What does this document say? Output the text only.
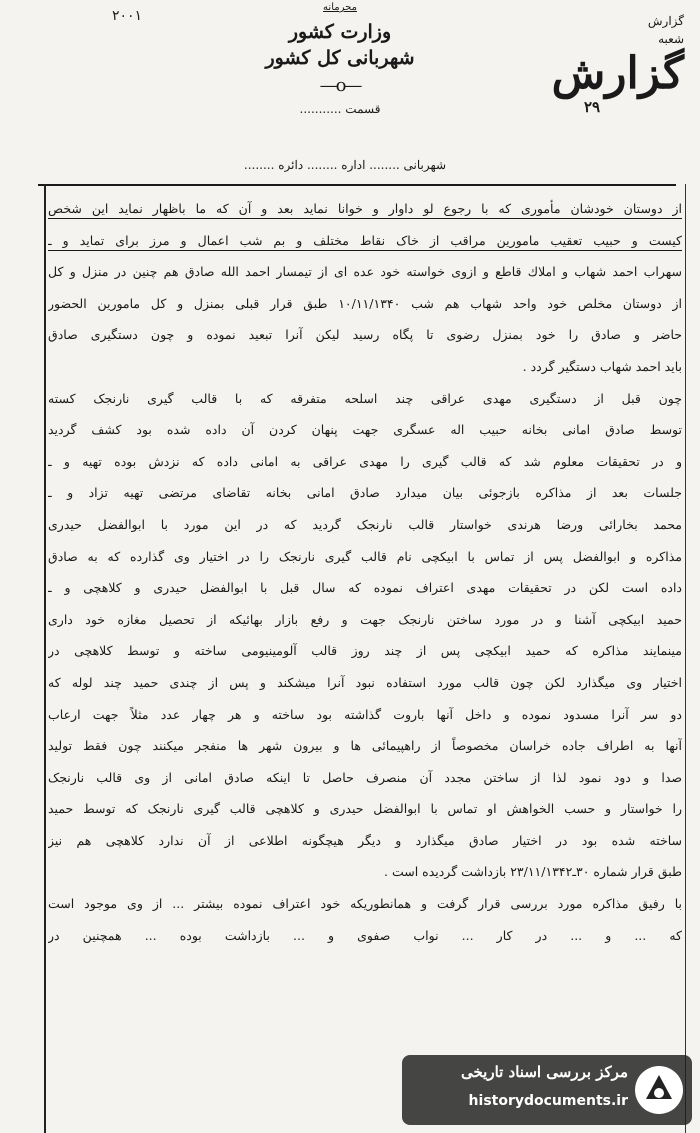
۲۰۰۱
محرمانه
وزارت کشور
شهربانی کل کشور
—o—
قسمت ...........
گزارش
شعبه
گزارش
۲۹
شهربانی ........ اداره ........ دائره ........
از دوستان خودشان مأموری که با رجوع لو داوار و خوانا نماید بعد و آن که ما باظهار نماید این شخص
کیست و حبیب تعقیب مامورین مراقب از خاک نقاط مختلف و بم شب اعمال و مرز برای تماید و ـ
سهراب احمد شهاب و املاك قاطع و ازوی خواسته خود عده ای از تیمسار احمد الله صادق هم چنین در منزل و کل
از دوستان مخلص خود واحد شهاب هم شب ۱۰/۱۱/۱۳۴۰ طبق قرار قبلی بمنزل و کل مامورین الحضور
حاضر و صادق را خود بمنزل رضوی تا پگاه رسید لیکن آنرا تبعید نموده و چون دستگیری صادق
باید احمد شهاب دستگیر گردد .
چون قبل از دستگیری مهدی عراقی چند اسلحه متفرقه که با قالب گیری نارنجک کسته
توسط صادق امانی بخانه حبیب اله عسگری جهت پنهان کردن آن داده شده بود کشف گردید
و در تحقیقات معلوم شد که قالب گیری را مهدی عراقی به امانی داده که نزدش بوده تهیه و ـ
جلسات بعد از مذاکره بازجوئی بیان میدارد صادق امانی بخانه تقاضای مرتضی تهیه تزاد و ـ
محمد بخارائی ورضا هرندی خواستار قالب نارنجک گردید که در این مورد با ابوالفضل حیدری
مذاکره و ابوالفضل پس از تماس با ابیکچی نام قالب گیری نارنجک را در اختیار وی گذارده که به صادق
داده است لکن در تحقیقات مهدی اعتراف نموده که سال قبل با ابوالفضل حیدری و کلاهچی و ـ
حمید ابیکچی آشنا و در مورد ساختن نارنجک جهت و رفع بازار بهائیکه از تحصیل مغازه خود داری
مینمایند مذاکره که حمید ابیکچی پس از چند روز قالب آلومینیومی ساخته و توسط کلاهچی در
اختیار وی میگذارد لکن چون قالب مورد استفاده نبود آنرا میشکند و پس از چندی حمید چند لوله که
دو سر آنرا مسدود نموده و داخل آنها باروت گذاشته بود ساخته و هر چهار عدد مثلاً جهت ارعاب
آنها به اطراف جاده خراسان مخصوصاً از راهپیمائی ها و بیرون شهر ها منفجر میکنند چون فقط تولید
صدا و دود نمود لذا از ساختن مجدد آن منصرف حاصل تا اینکه صادق امانی از وی قالب نارنجک
را خواستار و حسب الخواهش او تماس با ابوالفضل حیدری و کلاهچی قالب گیری نارنجک که توسط حمید
ساخته شده بود در اختیار صادق میگذارد و دیگر هیچگونه اطلاعی از آن ندارد کلاهچی هم نیز
طبق قرار شماره ۳۰ـ۲۳/۱۱/۱۳۴۲ بازداشت گردیده است .
با رفیق مذاکره مورد بررسی قرار گرفت و همانطوریکه خود اعتراف نموده بیشتر ... از وی موجود است
که ... و ... در کار ... نواب صفوی و ... بازداشت بوده ... همچنین در
مرکز بررسی اسناد تاریخی
historydocuments.ir
